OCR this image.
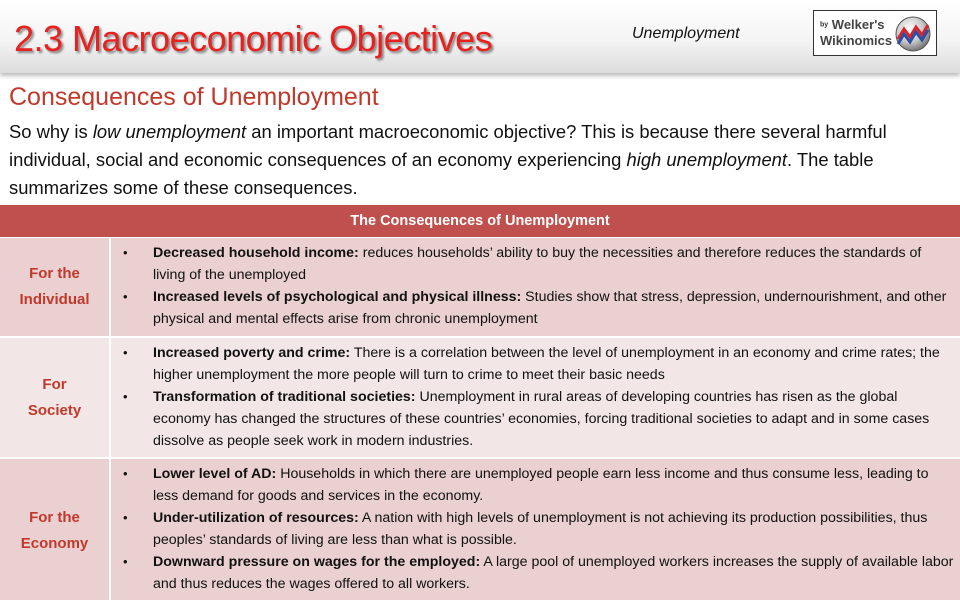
2.3 Macroeconomic Objectives	Unemployment
by Welker's
Wikinomics
Consequences of Unemployment

So why is low unemployment an important macroeconomic objective? This is because there several harmful individual, social and economic consequences of an economy experiencing high unemployment. The table summarizes some of these consequences.

The Consequences of Unemployment
For the
Individual
•	Decreased household income: reduces households’ ability to buy the necessities and therefore reduces the standards of living of the unemployed
•	Increased levels of psychological and physical illness: Studies show that stress, depression, undernourishment, and other physical and mental effects arise from chronic unemployment
For
Society
•	Increased poverty and crime: There is a correlation between the level of unemployment in an economy and crime rates; the higher unemployment the more people will turn to crime to meet their basic needs
•	Transformation of traditional societies: Unemployment in rural areas of developing countries has risen as the global economy has changed the structures of these countries’ economies, forcing traditional societies to adapt and in some cases dissolve as people seek work in modern industries.
For the
Economy
•	Lower level of AD: Households in which there are unemployed people earn less income and thus consume less, leading to less demand for goods and services in the economy.
•	Under-utilization of resources: A nation with high levels of unemployment is not achieving its production possibilities, thus peoples’ standards of living are less than what is possible.
•	Downward pressure on wages for the employed: A large pool of unemployed workers increases the supply of available labor and thus reduces the wages offered to all workers.
